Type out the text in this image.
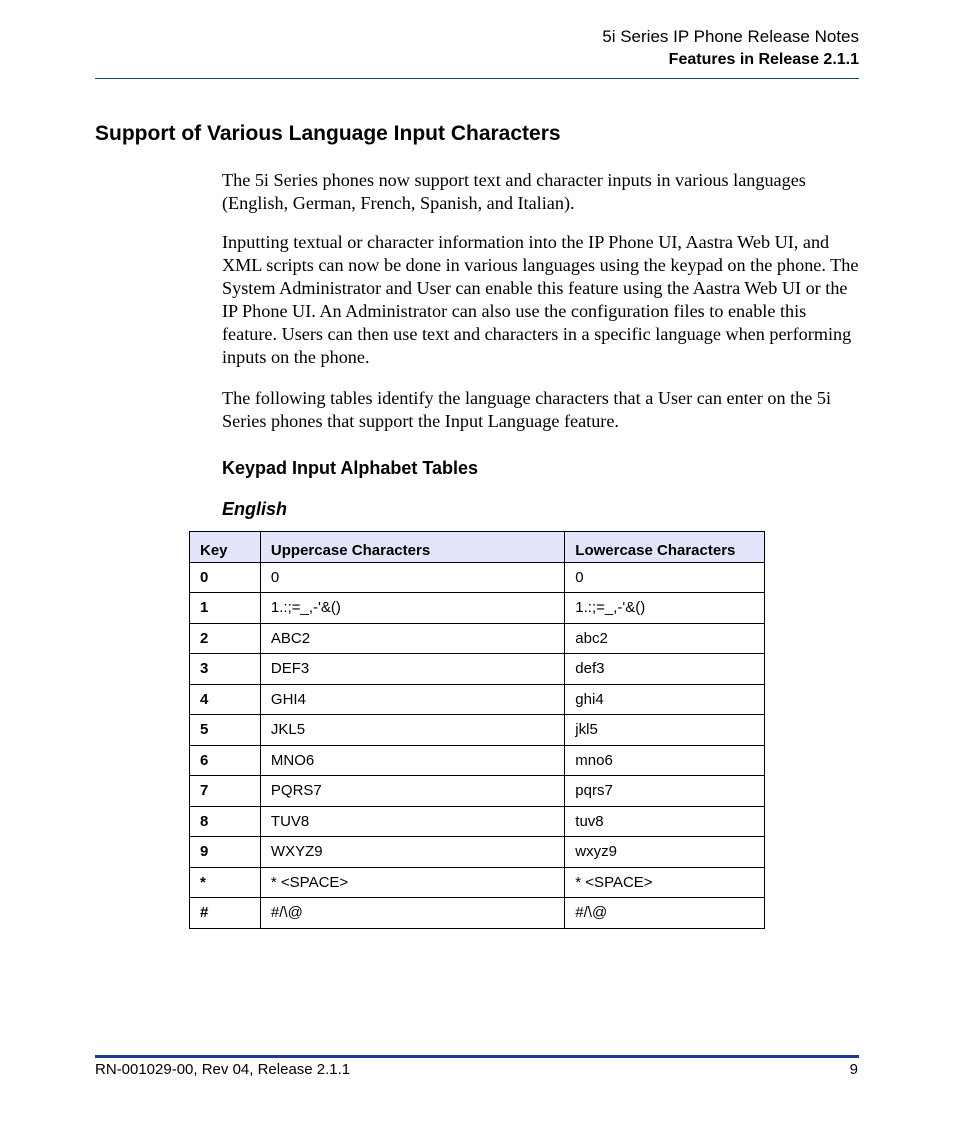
5i Series IP Phone Release Notes
Features in Release 2.1.1
Support of Various Language Input Characters

The 5i Series phones now support text and character inputs in various languages (English, German, French, Spanish, and Italian).

Inputting textual or character information into the IP Phone UI, Aastra Web UI, and XML scripts can now be done in various languages using the keypad on the phone. The System Administrator and User can enable this feature using the Aastra Web UI or the IP Phone UI. An Administrator can also use the configuration files to enable this feature. Users can then use text and characters in a specific language when performing inputs on the phone.

The following tables identify the language characters that a User can enter on the 5i Series phones that support the Input Language feature.

Keypad Input Alphabet Tables
English
Key	Uppercase Characters	Lowercase Characters
0	0	0
1	1.:;=_,-'&()	1.:;=_,-'&()
2	ABC2	abc2
3	DEF3	def3
4	GHI4	ghi4
5	JKL5	jkl5
6	MNO6	mno6
7	PQRS7	pqrs7
8	TUV8	tuv8
9	WXYZ9	wxyz9
*	* <SPACE>	* <SPACE>
#	#/\@	#/\@
RN-001029-00, Rev 04, Release 2.1.1	9
